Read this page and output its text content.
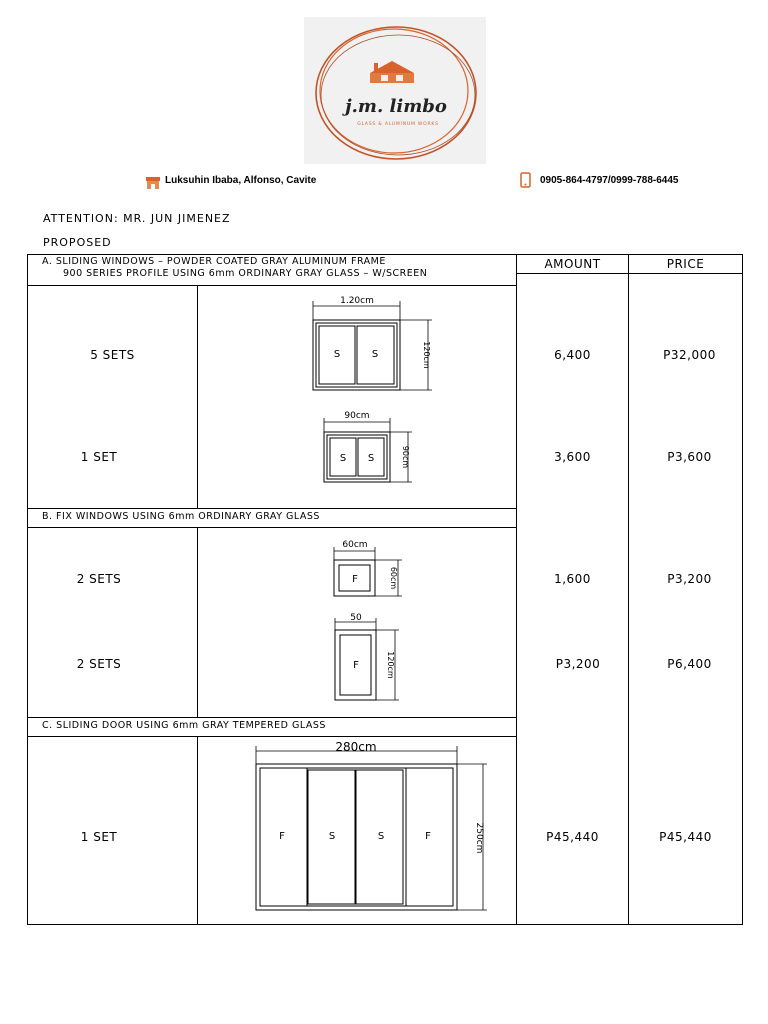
j.m. limbo
GLASS & ALUMINUM WORKS
Luksuhin Ibaba, Alfonso, Cavite	0905-864-4797/0999-788-6445
ATTENTION: MR. JUN JIMENEZ
PROPOSED
AMOUNT	PRICE
A. SLIDING WINDOWS – POWDER COATED GRAY ALUMINUM FRAME
900 SERIES PROFILE USING 6mm ORDINARY GRAY GLASS – W/SCREEN
B. FIX WINDOWS USING 6mm ORDINARY GRAY GLASS
C. SLIDING DOOR USING 6mm GRAY TEMPERED GLASS
5 SETS	6,400	P32,000
1.20cm
S	S	120cm
1 SET	3,600	P3,600
90cm
S S	90cm
2 SETS	1,600	P3,200
60cm
F	60cm
2 SETS	P3,200	P6,400
50
F	120cm
1 SET	P45,440	P45,440
280cm
F	S	S	F	250cm
